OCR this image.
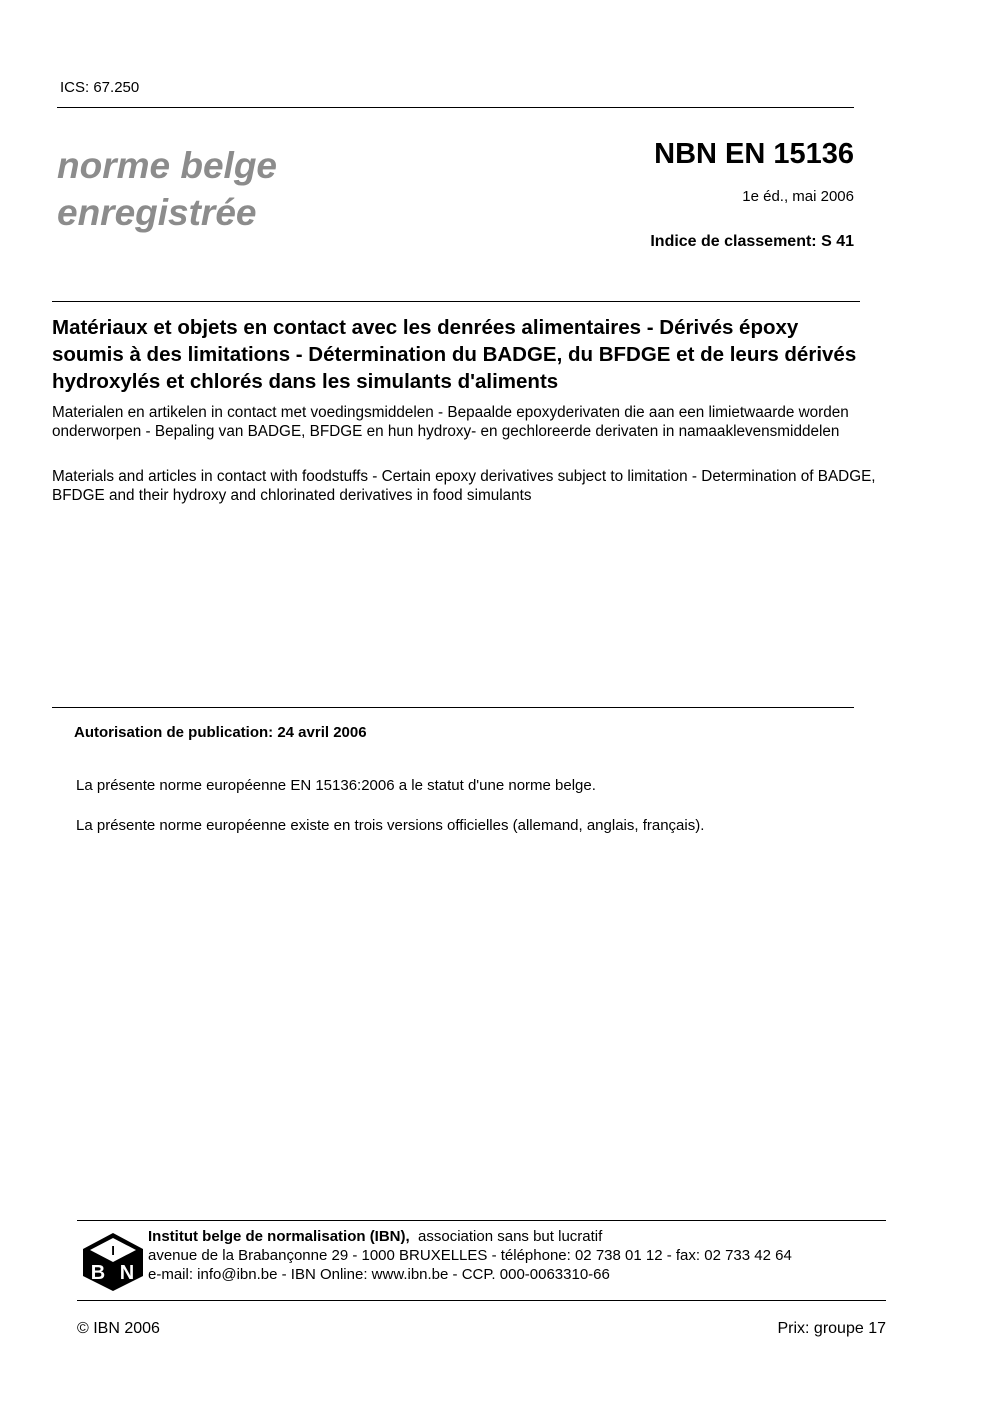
ICS: 67.250
norme belge
enregistrée
NBN EN 15136
1e éd., mai 2006
Indice de classement: S 41
Matériaux et objets en contact avec les denrées alimentaires - Dérivés époxy soumis à des limitations - Détermination du BADGE, du BFDGE et de leurs dérivés hydroxylés et chlorés dans les simulants d'aliments
Materialen en artikelen in contact met voedingsmiddelen - Bepaalde epoxyderivaten die aan een limietwaarde worden onderworpen - Bepaling van BADGE, BFDGE en hun hydroxy- en gechloreerde derivaten in namaaklevensmiddelen
Materials and articles in contact with foodstuffs - Certain epoxy derivatives subject to limitation - Determination of BADGE, BFDGE and their hydroxy and chlorinated derivatives in food simulants
Autorisation de publication: 24 avril 2006
La présente norme européenne EN 15136:2006 a le statut d'une norme belge.
La présente norme européenne existe en trois versions officielles (allemand, anglais, français).
I
B N
Institut belge de normalisation (IBN), association sans but lucratif
avenue de la Brabançonne 29 - 1000 BRUXELLES - téléphone: 02 738 01 12 - fax: 02 733 42 64
e-mail: info@ibn.be - IBN Online: www.ibn.be - CCP. 000-0063310-66
© IBN 2006	Prix: groupe 17
